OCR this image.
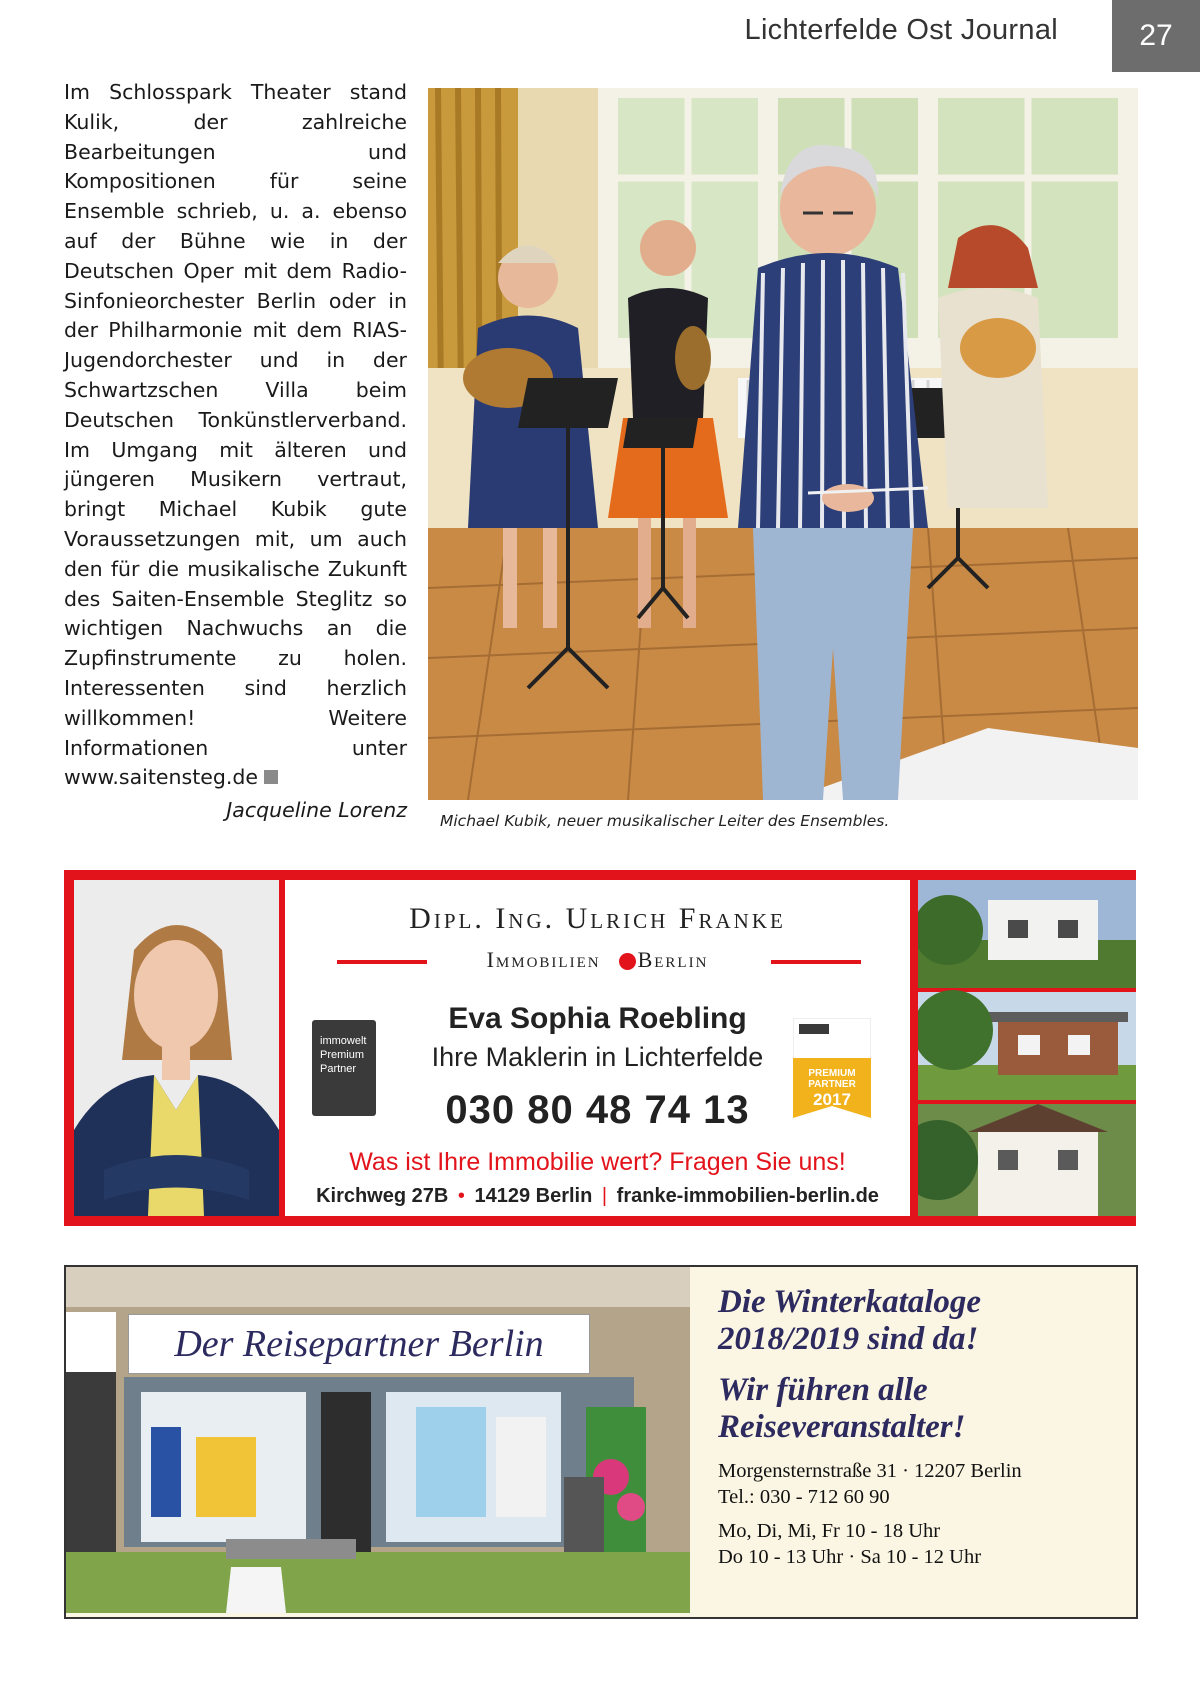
Lichterfelde Ost Journal	27
Im Schlosspark Theater stand Kulik, der zahlreiche Bearbeitungen und Kompositionen für seine Ensemble schrieb, u. a. ebenso auf der Bühne wie in der Deutschen Oper mit dem Radio-Sinfonieorchester Berlin oder in der Philharmonie mit dem RIAS-Jugendorchester und in der Schwartzschen Villa beim Deutschen Tonkünstlerverband. Im Umgang mit älteren und jüngeren Musikern vertraut, bringt Michael Kubik gute Voraussetzungen mit, um auch den für die musikalische Zukunft des Saiten-Ensemble Steglitz so wichtigen Nachwuchs an die Zupfinstrumente zu holen. Interessenten sind herzlich willkommen! Weitere Informationen unter www.saitensteg.de
Jacqueline Lorenz Michael Kubik, neuer musikalischer Leiter des Ensembles.
Dipl. Ing. Ulrich Franke
Immobilien Berlin
Eva Sophia Roebling
Ihre Maklerin in Lichterfelde
030 80 48 74 13
Was ist Ihre Immobilie wert? Fragen Sie uns!
Kirchweg 27B • 14129 Berlin | franke-immobilien-berlin.de
immowelt
Premium
Partner	PREMIUM
PARTNER
2017
Der Reisepartner Berlin
Die Winterkataloge 2018/2019 sind da!
Wir führen alle Reiseveranstalter!
Morgensternstraße 31 · 12207 Berlin
Tel.: 030 - 712 60 90
Mo, Di, Mi, Fr 10 - 18 Uhr
Do 10 - 13 Uhr · Sa 10 - 12 Uhr
